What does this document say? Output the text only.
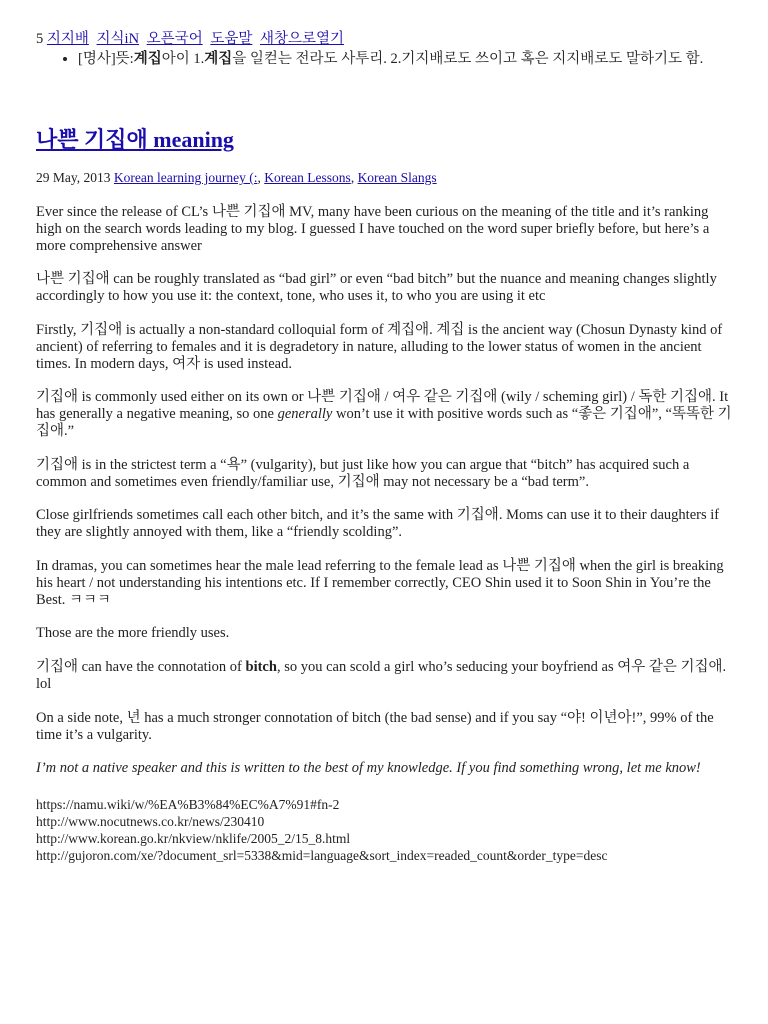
5 지지배 지식iN 오픈국어 도움말 새창으로열기
• [명사]뜻:계집아이 1.계집을 일컫는 전라도 사투리. 2.기지배로도 쓰이고 혹은 지지배로도 말하기도 함.
나쁜 기집애 meaning
29 May, 2013 Korean learning journey (:, Korean Lessons, Korean Slangs

Ever since the release of CL’s 나쁜 기집애 MV, many have been curious on the meaning of the title and it’s ranking high on the search words leading to my blog. I guessed I have touched on the word super briefly before, but here’s a more comprehensive answer

나쁜 기집애 can be roughly translated as “bad girl” or even “bad bitch” but the nuance and meaning changes slightly accordingly to how you use it: the context, tone, who uses it, to who you are using it etc

Firstly, 기집애 is actually a non-standard colloquial form of 계집애. 계집 is the ancient way (Chosun Dynasty kind of ancient) of referring to females and it is degradetory in nature, alluding to the lower status of women in the ancient times. In modern days, 여자 is used instead.

기집애 is commonly used either on its own or 나쁜 기집애 / 여우 같은 기집애 (wily / scheming girl) / 독한 기집애. It has generally a negative meaning, so one generally won’t use it with positive words such as “좋은 기집애”, “똑똑한 기집애.”

기집애 is in the strictest term a “욕” (vulgarity), but just like how you can argue that “bitch” has acquired such a common and sometimes even friendly/familiar use, 기집애 may not necessary be a “bad term”.

Close girlfriends sometimes call each other bitch, and it’s the same with 기집애. Moms can use it to their daughters if they are slightly annoyed with them, like a “friendly scolding”.

In dramas, you can sometimes hear the male lead referring to the female lead as 나쁜 기집애 when the girl is breaking his heart / not understanding his intentions etc. If I remember correctly, CEO Shin used it to Soon Shin in You’re the Best. ㅋㅋㅋ

Those are the more friendly uses.

기집애 can have the connotation of bitch, so you can scold a girl who’s seducing your boyfriend as 여우 같은 기집애. lol

On a side note, 년 has a much stronger connotation of bitch (the bad sense) and if you say “야! 이년아!”, 99% of the time it’s a vulgarity.

I’m not a native speaker and this is written to the best of my knowledge. If you find something wrong, let me know!

https://namu.wiki/w/%EA%B3%84%EC%A7%91#fn-2
http://www.nocutnews.co.kr/news/230410
http://www.korean.go.kr/nkview/nklife/2005_2/15_8.html
http://gujoron.com/xe/?document_srl=5338&mid=language&sort_index=readed_count&order_type=desc
